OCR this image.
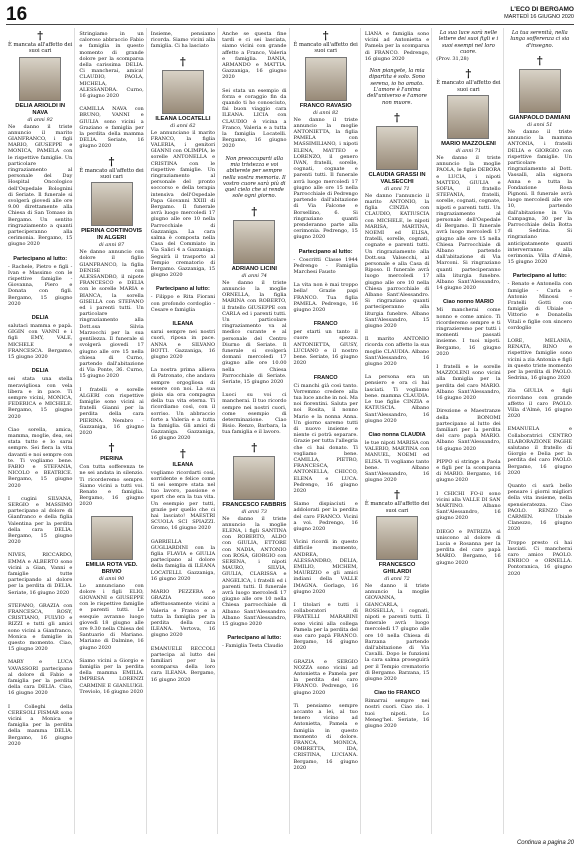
16	L'ECO DI BERGAMO
MARTEDÌ 16 GIUGNO 2020
†
È mancata all'affetto dei suoi cari
DELIA ARIOLDI IN NAVA
di anni 92
Ne danno il triste annuncio il marito GIANFRANCO, i figli MARIO, GIUSEPPE e MONICA, PAMELA con le rispettive famiglie. Un particolare ringraziamento al personale del Day Hospital Oncologico dell'Ospedale Bolognini di Seriate. Il funerale si svolgerà giovedì alle ore 9.00 direttamente alla Chiesa di San Tomaso in Bergamo. Un sentito ringraziamento a quanti parteciperanno alla cerimonia. Bergamo, 15 giugno 2020
Partecipano al lutto:
- Rachele, Pietro e figli - Ivan e Massimo con le rispettive famiglie - Giovanna, Piero e Donata con figli. Bergamo, 15 giugno 2020
DELIA
salutaci mamma e papà. GIGIN con VANNI e i figli EMY, VALE, MICHELE e FRANCESCA. Bergamo, 15 giugno 2020
DELIA
sei stata una stella meravigliosa con vela libera e in pace. Ti sempre vicini, MONICA, FEDERICA e MICHELE. Bergamo, 15 giugno 2020
Ciao sorella, amica, mamma, moglie, dea, sei stata tutto e lo sarai sempre. Sei fiera la vita davanti e noi sempre con te. Ti vogliamo bene. FABIO e STEFANIA, NICOLO e BEATRICE. Bergamo, 15 giugno 2020
I cugini SILVANA, SERGIO e MASSIMO partecipano al dolore di Gianfranco e della figlia Valentina per la perdita della cara DELIA. Bergamo, 15 giugno 2020
NIVES, RICCARDO, EMMA e ALBERTO sono vicini a Gian, Vanni e famiglie tutte partecipando al dolore per la perdita di DELIA. Seriate, 16 giugno 2020
STEFANO, GRAZIA con FRANCESCA, ROSY, CRISTIANO, FULVIO e RIZZI e tutti gli amici sono vicini a Gianfranco, Monica e famiglie in questo momento. Ciao, 15 giugno 2020
MARY e LUCA VAVASSORI partecipano al dolore di Fabio e famiglia per la perdita della cara DELIA. Ciao, 16 giugno 2020
I Colleghi della CERESOLI FISMAR sono vicini a Monica e famiglia per la perdita della mamma DELIA. Bergamo, 16 giugno 2020
Stringiamo in un caloroso abbraccio Fabio e famiglia in questo momento di grande dolore per la scomparsa della carissima DELIA. Ci mancherai, amica! CLAUDIO, PAOLA, MICHELA, ALESSANDRA. Curno, 16 giugno 2020
CAMILLA NAVA con BRUNO, VANNI e GIULIA sono vicini a Graziano e famiglia per la perdita della mamma DELIA. Seriate, 16 giugno 2020
†
È mancato all'affetto dei suoi cari
PIERINA CORTINOVIS IN ALGERI
di anni 87
Ne danno annuncio con dolore il figlio GIANFRANCO, la figlia DENISE con ALESSANDRO, il nipote FRANCESCO e DELIA con le sorelle MARIA e BIANCA, la sorella GISELLA con STEFANO ed i parenti tutti. Un particolare ringraziamento alla Dott.ssa Silvia Marzocchi per la sua gentilezza. Il funerale si svolgerà giovedì 17 giugno alle ore 15 nella chiesa di Curno, partendo dall'abitazione di Via Ponte, 36. Curno, 15 giugno 2020
I fratelli e sorelle ALGERI con rispettive famiglie sono vicini ai fratelli Gianni per la perdita della cara PIERINA. Nembro - Gazzaniga, 16 giugno 2020
†
PIERINA
Con tutta sofferenza te ne sei andata in silenzio. Ti ricorderemo sempre. Siamo vicini a tutti voi. Renato e famiglia. Bergamo, 16 giugno 2020
EMILIA ROTA VED. BRIVIO
di anni 90
Lo annunciano con dolore i figli ELIO, GIOVANNI e GIUSEPPE con le rispettive famiglie e parenti tutti. Le esequie avranno luogo giovedì 18 giugno alle ore 9.30 nella Chiesa del Santuario di Mariano. Mariano di Dalmine, 16 giugno 2020
Siamo vicini a Giorgio e famiglia per la perdita della mamma EMILIA. IMPRESA LORENZI CARMINE E GIANLUIGI. Treviolo, 16 giugno 2020
Insieme, pensiamo ricorda. Siamo vicini alla famiglia. Ci ha lasciato
†
ILEANA LOCATELLI
di anni 62
Le annunciano il marito FRANCO, la figlia VALERIA, i genitori GIANNI con OLIMPIA, le sorelle ANTONELLA e CRISTINA con le rispettive famiglie. Un ringraziamento al personale del pronto soccorso e della terapia intensiva dell'Ospedale Papa Giovanni XXIII di Bergamo. Il funerale avrà luogo mercoledì 17 giugno alle ore 10 nella Parrocchiale di Gazzaniga. La cara salma è composta nella Casa del Commiato in Via Salici 4 a Gazzaniga. Seguirà il trasporto al Tempio crematorio di Bergamo. Gazzaniga, 15 giugno 2020
Partecipano al lutto:
- Filippo e Rita Fiorani con profondo cordoglio - Cesare e famiglia
ILEANA
sarai sempre nei nostri cuori, riposa in pace. ANNA e SILVANO BOTTI. Gazzaniga, 16 giugno 2020
La nostra prima allieva di Patronato, che andava sempre orgogliosa di essere con noi. La sua gioia sia ora compagna della tua vita eterna. Ti ricordiamo così, con il sorriso. Un abbraccio forte a Valeria e a tutta la famiglia. Gli amici di Gazzaniga. Gazzaniga, 16 giugno 2020
†
ILEANA
vogliamo ricordarti così, sorridente e felice come ti sei sempre stata nel tuo lavoro, passione e sport che era la tua vita. Un esempio per tutti, grazie per quello che ci hai lasciato! MAESTRI SCUOLA SCI SPIAZZI. Gromo, 16 giugno 2020
GABRIELLA GUGLIARDINI con la figlia FLAVIA e GIULIA partecipano al dolore della famiglia di ILEANA LOCATELLI. Gazzaniga, 16 giugno 2020
MARIO PEZZERA e GRAZIA sono affettuosamente vicini a Valeria e Franco e a tutta la famiglia per la perdita della cara ILEANA. Vertova, 16 giugno 2020
EMANUELE RECCOLI partecipa al lutto dei familiari per la scomparsa della loro cara ILEANA. Bergamo, 16 giugno 2020
Anche se questa fine tardi e ci sei lasciata, siamo vicini con grande affetto a Franco, Valeria e famiglia. DANIA, ARMANDO e MATTIA. Gazzaniga, 16 giugno 2020
Sei stata un esempio di forza e coraggio fin da quando ti ho conosciuto, fai buon viaggio cara ILEANA. LICIA con CLAUDIO è vicina a Franco, Valeria e a tutta la famiglia Locatelli. Bergamo, 16 giugno 2020
Non preoccuparti alla mia tristezza e voi abiterete per sempre nella vostra memoria. Il vostro cuore sarà più di quel cielo che si rende sole ogni giorno.
†
ADRIANO LICINI
di anni 74
Ne danno il triste annuncio la moglie ORNELLA, la figlia MARINA con ROBERTO, il fratello GIUSEPPE con CARLA ed i parenti tutti. Un particolare ringraziamento va al medico curante e al personale del Centro Diurno di Seriate. Il funerale si svolgerà domani mercoledì 17 giugno alle ore 10.00 nella Chiesa Parrocchiale di Seriate. Seriate, 15 giugno 2020
Luoci su voi ci mancherai. Il tuo ricordo sempre nei nostri cuori, come esempio di determinazione. Ciao Bisio. Renzo, Barbara, la tua famiglia e il lavoro.
†
FRANCESCO FABBRIS
di anni 73
Ne danno il triste annuncio la moglie ELENA, i figli SANTINA con ROBERTO, ALDO con GIULIA, ETTORE con NADIA, ANTONIO con ROSA, GIORGIO con SERENA, i nipoti MAURO, SILVIA, GIULIA, CLARISSA e ANGELICA, i fratelli ed i parenti tutti. Il funerale avrà luogo mercoledì 17 giugno alle ore 10 nella Chiesa parrocchiale di Albano Sant'Alessandro. Albano Sant'Alessandro, 15 giugno 2020
Partecipano al lutto:
- Famiglia Testa Claudio
†
È mancato all'affetto dei suoi cari
FRANCO RAVASIO
di anni 82
Ne danno il triste annuncio la moglie ANTONIETTA, la figlia PAMELA con MASSIMILIANO, i nipoti ELENA, MATTEO e LORENZO, il genero IVAN, fratelli, sorelle, cognati, cognate e parenti tutti. Il funerale avrà luogo mercoledì 17 giugno alle ore 15 nella Parrocchiale di Pedrengo partendo dall'abitazione di Via Falcone e Borsellino, 6. Si ringraziano quanti prenderanno parte alla cerimonia. Pedrengo, 15 giugno 2020
Partecipano al lutto:
- Coscritti Classe 1944 Pedrengo - Famiglia Marchesi Fausto
La vita non è mai troppo bella! Grazie papi FRANCO. Tua figlia PAMELA. Pedrengo, 16 giugno 2020
FRANCO
per starti un tanto il cuore spezza. ANTONIETTA, GIUSY, LUCIANO e il nostro bene. Seriate, 16 giugno 2020
FRANCO
Ci manchi già così tanto. Vorremmo credere alla tua luce anche in noi. Ma noi fiorentini. Saluta per noi Rosita, il nonno Mario e la nonna Anna. Un giorno saremo tutti di nuovo insieme e niente ci potrà separare. Grazie per tutta l'allegria che ci hai donato. Ti vogliamo bene. CAMILLA, PIETRO, FRANCESCA, ANTONELLA, CHICCO, ELENA e LUCA. Pedrengo, 16 giugno 2020
Siamo dispiaciuti e addolorati per la perdita del caro FRANCO. Vicini a voi. Pedrengo, 16 giugno 2020
Vicini ricordi in questo difficile momento, ANDREA, ALESSANDRO, DELIA, EMILIO, MICHEM, MAURIZIO e gli amici indiani della VALLE IMAGNA. Gorlago, 16 giugno 2020
I titolari e tutti i collaboratori di FRATELLI MARABINI sono vicini alla collega Pamela per la perdita del suo caro papà FRANCO. Bergamo, 16 giugno 2020
GRAZIA e SERGIO NOZZA sono vicini ad Antonietta e Pamela per la perdita del caro FRANCO. Pedrengo, 16 giugno 2020
Ti pensiamo sempre accanto a lei, al tuo tenero vicino ad Antonietta, Pamela e famiglia in questo momento di dolore. FRANCA, MONICA, OMBRETTA, IDA, CRISTINA, LUCIANA. Bergamo, 16 giugno 2020
LIANA e famiglia sono vicini ad Antonietta e Pamela per la scomparsa di FRANCO. Pedrengo, 16 giugno 2020
Non piangete, la mia dipartita è solo. Sono serena, io ho amato. L'amore è l'anima dell'universo e l'amore non muore.
†
CLAUDIA GRASSI IN VALSECCHI
di anni 71
Ne danno l'annuncio il marito ANTONIO, la figlia CINZIA con CLAUDIO, KATIUSCIA con MICHELE, le nipoti MARISA, MARTINA, NOEMI ed ELISA, fratelli, sorelle, cognati, cognate e parenti tutti. Un ringraziamento alla Dott.ssa Valsecchi, al personale e alla Casa di Riposo. Il funerale avrà luogo mercoledì 17 giugno alle ore 10 nella Chiesa parrocchiale di Albano Sant'Alessandro. Si ringraziano quanti parteciperanno alla liturgia funebre. Albano Sant'Alessandro, 15 giugno 2020
Il marito ANTONIO ricorda con affetto la sua moglie CLAUDIA. Albano Sant'Alessandro, 16 giugno 2020
La persona era un pensiero e ora ci hai lasciati. Ti vogliamo bene. mamma CLAUDIA. Le tue figlie CINZIA e KATIUSCIA. Albano Sant'Alessandro, 16 giugno 2020
Ciao nonna CLAUDIA
le tue nipoti MARISA con VALERIO, MARTINA con MANUEL, NOEMI ed ELISA. Ti vogliamo tanto bene. Albano Sant'Alessandro, 16 giugno 2020
†
È mancato all'affetto dei suoi cari
FRANCESCO GHILARDI
di anni 72
Ne danno il triste annuncio la moglie GIOVANNA, GIANCARLA, ROSSELLA, i cognati, nipoti e parenti tutti. Il funerale avrà luogo mercoledì 17 giugno alle ore 10 nella Chiesa di Barzana partendo dall'abitazione di Via Cavalli. Dopo le funzioni la cara salma proseguirà per il Tempio crematorio di Bergamo. Barzana, 15 giugno 2020
Ciao tio FRANCO
Rimarrai sempre nei nostri cuori. Ciao zio. I tuoi nipoti. Lo Meneg'hel. Seriate, 16 giugno 2020
La sua luce sarà nelle lettere dei suoi figli e i suoi esempi nel loro cuore.
(Prov. 31,28)
†
È mancato all'affetto dei suoi cari
MARIO MAZZOLENI
di anni 71
Ne danno il triste annuncio la moglie PAOLA, le figlie DEBORA e LUCIA, i nipoti MATTEO, GIULIA e SOFIA, il fratello STEFANIA, fratelli, sorelle, cognati, cognate, nipoti e parenti tutti. Un ringraziamento al personale dell'Ospedale di Bergamo. Il funerale avrà luogo mercoledì 17 giugno alle ore 15 nella Chiesa Parrocchiale di Albano partendo dall'abitazione di Via Marconi. Si ringraziano quanti parteciperanno alla liturgia funebre. Albano Sant'Alessandro, 14 giugno 2020
Ciao nonno MARIO
Mi mancherai come nonno e come amico. Ti ricorderemo sempre e ti ringrazieremo per tutti i momenti passati insieme. I tuoi nipoti. Bergamo, 16 giugno 2020
I fratelli e le sorelle MAZZOLENI sono vicini alla famiglia per la perdita del caro MARIO. Albano Sant'Alessandro, 16 giugno 2020
Direzione e Maestranze della BONOMI partecipano al lutto dei familiari per la perdita del caro papà MARIO. Albano Sant'Alessandro, 16 giugno 2020
PIPPO si stringe a Paola e figli per la scomparsa di MARIO. Bergamo, 16 giugno 2020
I CHICHI FO-il sono vicini alla VALLE DI SAN MARTINO. Albano Sant'Alessandro, 16 giugno 2020
DIEGO e PATRIZIA si uniscono al dolore di Lucia e Rosanna per la perdita del caro papà MARIO. Bergamo, 16 giugno 2020
La tua serenità, nella lunga sofferenza ci sia d'insegno.
†
GIANPAOLO DAMIANI
di anni 51
Ne danno il triste annuncio la mamma ANTONIA, i fratelli DELIA e GIORGIO con rispettive famiglie. Un particolare ringraziamento al Dott. Vassalli, alla signora Anna e a tutta la Fondazione Rosa Pignoni. Il funerale avrà luogo mercoledì alle ore 10, partendo dall'abitazione in Via Campagna, 30 per la Parrocchiale della Botta di Sedrina. Si ringraziano anticipatamente quanti interverranno alla cerimonia. Villa d'Almè, 15 giugno 2020
Partecipano al lutto:
- Renato e Antonella con famiglie - Carla e Antonio Minossi - Fratelli Gotti con famiglie di Ubiale - Vittorio e Donatella Vitali e figlie con sincero cordoglio
LORE, MELANIA, RENATA, RINO e rispettive famiglie sono vicini a zia Antonia e figli in questo triste momento per la perdita di PAOLO. Sedrina, 16 giugno 2020
Zia GIULIA e figli ricordano con grande affetto il caro PAOLO. Villa d'Almè, 16 giugno 2020
EMANUELA e Collaboratrici CENTRO ELABORAZIONE PAGHE salutano il fratello di Giorgio e Delia per la perdita del caro PAOLO. Bergamo, 16 giugno 2020
Quanto ci sarà bello pensare i giorni migliori della vita insieme, nella spensieratezza. Ciao PAOLO. RENZO e CARMEN. Ubiale Clanezzo, 16 giugno 2020
Troppo presto ci hai lasciati. Ci mancherai caro amico PAOLO. ENRICO e ORNELLA. Pontoranica, 16 giugno 2020
Continua a pagina 20
